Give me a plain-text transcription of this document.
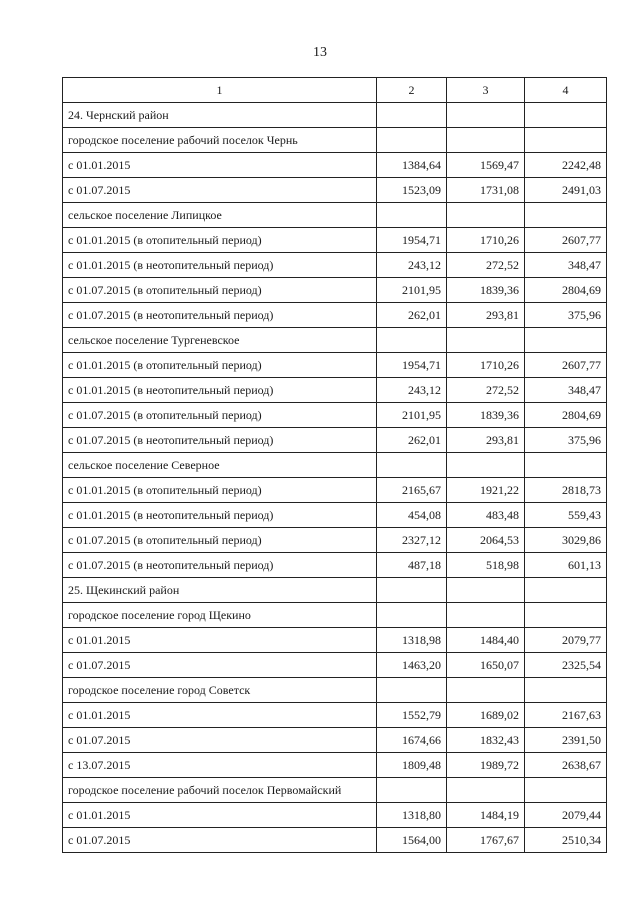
13
1	2	3	4
24. Чернский район			
городское поселение рабочий поселок Чернь			
с 01.01.2015	1384,64	1569,47	2242,48
с 01.07.2015	1523,09	1731,08	2491,03
сельское поселение Липицкое			
с 01.01.2015 (в отопительный период)	1954,71	1710,26	2607,77
с 01.01.2015 (в неотопительный период)	243,12	272,52	348,47
с 01.07.2015 (в отопительный период)	2101,95	1839,36	2804,69
с 01.07.2015 (в неотопительный период)	262,01	293,81	375,96
сельское поселение Тургеневское			
с 01.01.2015 (в отопительный период)	1954,71	1710,26	2607,77
с 01.01.2015 (в неотопительный период)	243,12	272,52	348,47
с 01.07.2015 (в отопительный период)	2101,95	1839,36	2804,69
с 01.07.2015 (в неотопительный период)	262,01	293,81	375,96
сельское поселение Северное			
с 01.01.2015 (в отопительный период)	2165,67	1921,22	2818,73
с 01.01.2015 (в неотопительный период)	454,08	483,48	559,43
с 01.07.2015 (в отопительный период)	2327,12	2064,53	3029,86
с 01.07.2015 (в неотопительный период)	487,18	518,98	601,13
25. Щекинский район			
городское поселение город Щекино			
с 01.01.2015	1318,98	1484,40	2079,77
с 01.07.2015	1463,20	1650,07	2325,54
городское поселение город Советск			
с 01.01.2015	1552,79	1689,02	2167,63
с 01.07.2015	1674,66	1832,43	2391,50
с 13.07.2015	1809,48	1989,72	2638,67
городское поселение рабочий поселок Первомайский			
с 01.01.2015	1318,80	1484,19	2079,44
с 01.07.2015	1564,00	1767,67	2510,34
